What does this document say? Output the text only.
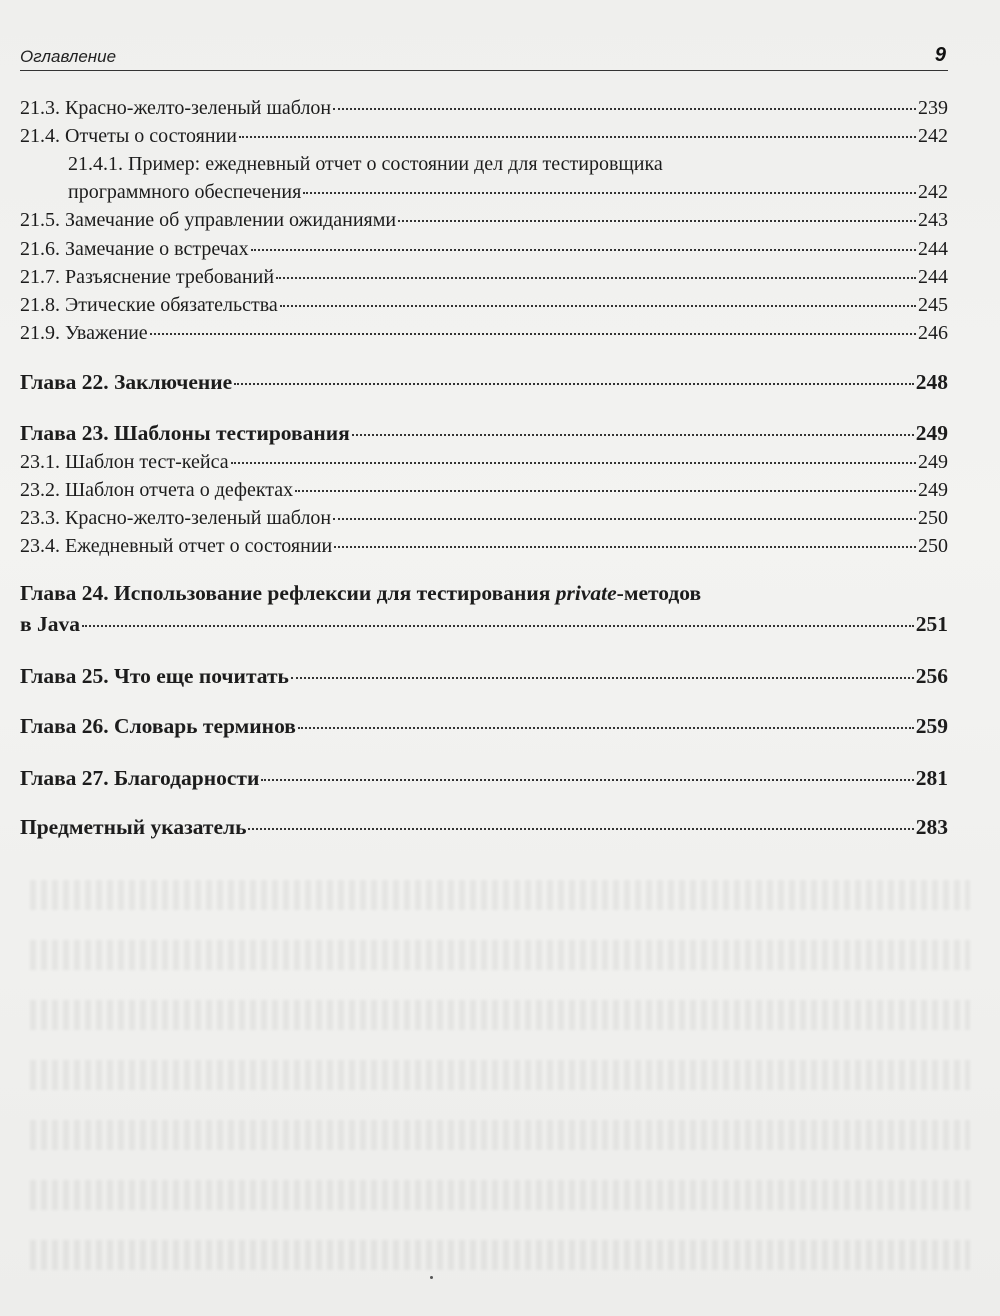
Оглавление	9
21.3. Красно-желто-зеленый шаблон	239
21.4. Отчеты о состоянии	242
21.4.1. Пример: ежедневный отчет о состоянии дел для тестировщика
программного обеспечения	242
21.5. Замечание об управлении ожиданиями	243
21.6. Замечание о встречах	244
21.7. Разъяснение требований	244
21.8. Этические обязательства	245
21.9. Уважение	246
Глава 22. Заключение	248
Глава 23. Шаблоны тестирования	249
23.1. Шаблон тест-кейса	249
23.2. Шаблон отчета о дефектах	249
23.3. Красно-желто-зеленый шаблон	250
23.4. Ежедневный отчет о состоянии	250
Глава 24. Использование рефлексии для тестирования private-методов
в Java	251
Глава 25. Что еще почитать	256
Глава 26. Словарь терминов	259
Глава 27. Благодарности	281
Предметный указатель	283
